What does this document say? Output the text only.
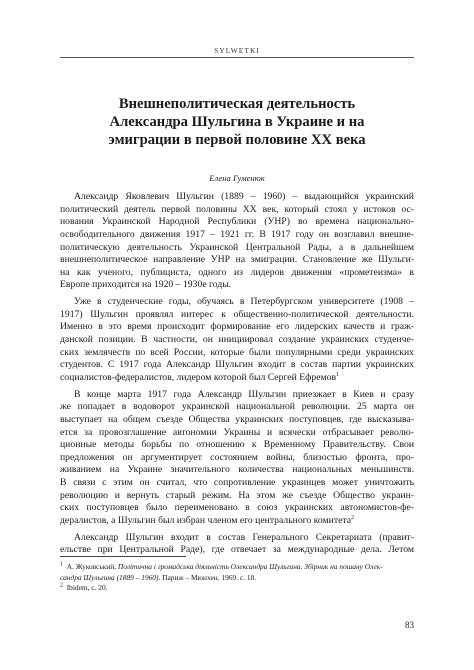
SYLWETKI
Внешнеполитическая деятельность
Александра Шульгина в Украине и на
эмиграции в первой половине XX века
Елена Гуменюк
Александр Яковлевич Шульгин (1889 – 1960) – выдающийся украинский
политический деятель первой половины XX век, который стоял у истоков ос-
нования Украинской Народной Республики (УНР) во времена национально-
освободительного движения 1917 – 1921 гг. В 1917 году он возглавил внешне-
политическую деятельность Украинской Центральной Рады, а в дальнейшем
внешнеполитическое направление УНР на эмиграции. Становление же Шульги-
на как ученого, публициста, одного из лидеров движения «прометеизма» в
Европе приходится на 1920 – 1930е годы.
Уже в студенческие годы, обучаясь в Петербургском университете (1908 –
1917) Шульгин проявлял интерес к общественно-политической деятельности.
Именно в это время происходит формирование его лидерских качеств и граж-
данской позиции. В частности, он инициировал создание украинских студенче-
ских землячеств по всей России, которые были популярными среди украинских
студентов. С 1917 года Александр Шульгин входит в состав партии украинских
социалистов-федералистов, лидером которой был Сергей Ефремов$^1$
В конце марта 1917 года Александр Шульгин приезжает в Киев и сразу
же попадает в водоворот украинской национальной революции. 25 марта он
выступает на общем съезде Общества украинских поступовцев, где высказыва-
ется за провозглашение автономии Украины и всячески отбрасывает револю-
ционные методы борьбы по отношению к Временному Правительству. Свои
предложения он аргументирует состоянием войны, близостью фронта, про-
живанием на Украине значительного количества национальных меньшинств.
В связи с этим он считал, что сопротивление украинцев может уничтожить
революцию и вернуть старый режим. На этом же съезде Общество украин-
ских поступовцев было переименовано в союз украинских автономистов-фе-
дералистов, а Шульгин был избран членом его центрального комитета$^2$
Александр Шульгин входит в состав Генерального Секретариата (правит-
ельстве при Центральной Раде), где отвечает за международные дела. Летом
$^1$ А. Жуковський, Політична і громадська діяльність Олександра Шульгина. Збірник на пошану Олек-
сандра Шульгина (1889 – 1960). Париж – Мюнхен. 1969. с. 18.
$^2$ Ibidem, c. 20.
83
